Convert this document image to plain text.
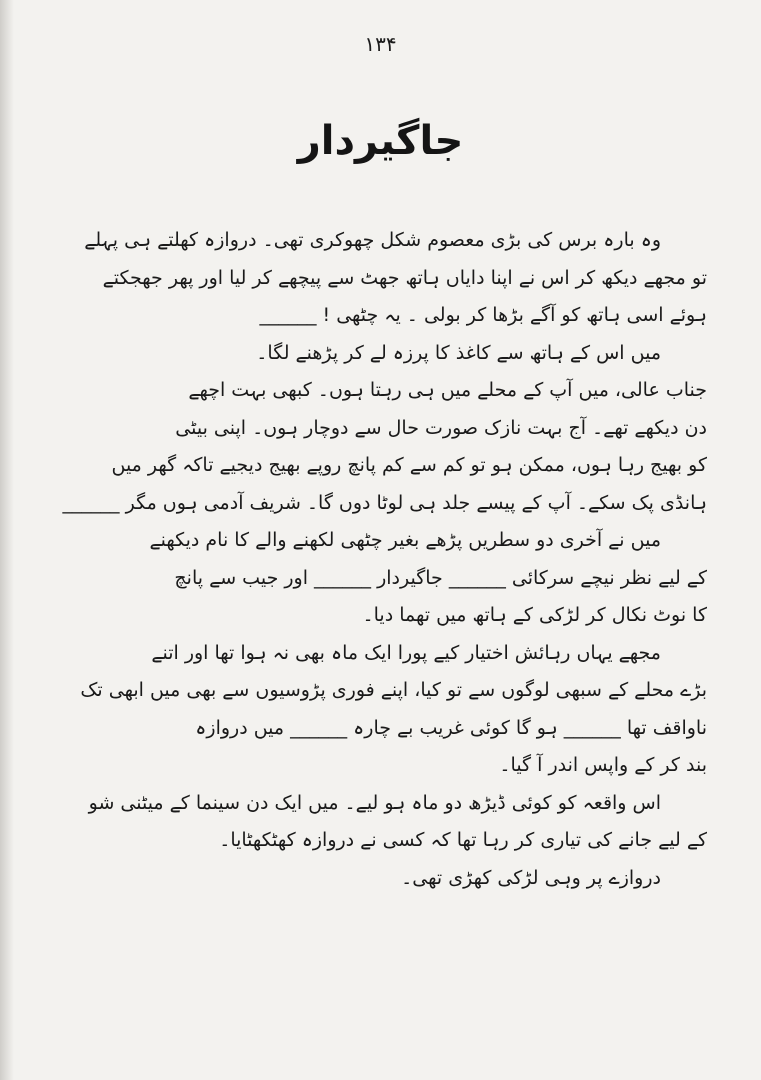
۱۳۴
جاگیردار
وہ بارہ برس کی بڑی معصوم شکل چھوکری تھی۔ دروازہ کھلتے ہی پہلے
تو مجھے دیکھ کر اس نے اپنا دایاں ہاتھ جھٹ سے پیچھے کر لیا اور پھر جھجکتے
ہوئے اسی ہاتھ کو آگے بڑھا کر بولی ۔ یہ چٹھی ! ______
میں اس کے ہاتھ سے کاغذ کا پرزہ لے کر پڑھنے لگا۔
جناب عالی، میں آپ کے محلے میں ہی رہتا ہوں۔ کبھی بہت اچھے
دن دیکھے تھے۔ آج بہت نازک صورت حال سے دوچار ہوں۔ اپنی بیٹی
کو بھیج رہا ہوں، ممکن ہو تو کم سے کم پانچ روپے بھیج دیجیے تاکہ گھر میں
ہانڈی پک سکے۔ آپ کے پیسے جلد ہی لوٹا دوں گا۔ شریف آدمی ہوں مگر ______
میں نے آخری دو سطریں پڑھے بغیر چٹھی لکھنے والے کا نام دیکھنے
کے لیے نظر نیچے سرکائی ______ جاگیردار ______ اور جیب سے پانچ
کا نوٹ نکال کر لڑکی کے ہاتھ میں تھما دیا۔
مجھے یہاں رہائش اختیار کیے پورا ایک ماہ بھی نہ ہوا تھا اور اتنے
بڑے محلے کے سبھی لوگوں سے تو کیا، اپنے فوری پڑوسیوں سے بھی میں ابھی تک
ناواقف تھا ______ ہو گا کوئی غریب بے چارہ ______ میں دروازہ
بند کر کے واپس اندر آ گیا۔
اس واقعہ کو کوئی ڈیڑھ دو ماہ ہو لیے۔ میں ایک دن سینما کے میٹنی شو
کے لیے جانے کی تیاری کر رہا تھا کہ کسی نے دروازہ کھٹکھٹایا۔
دروازے پر وہی لڑکی کھڑی تھی۔
